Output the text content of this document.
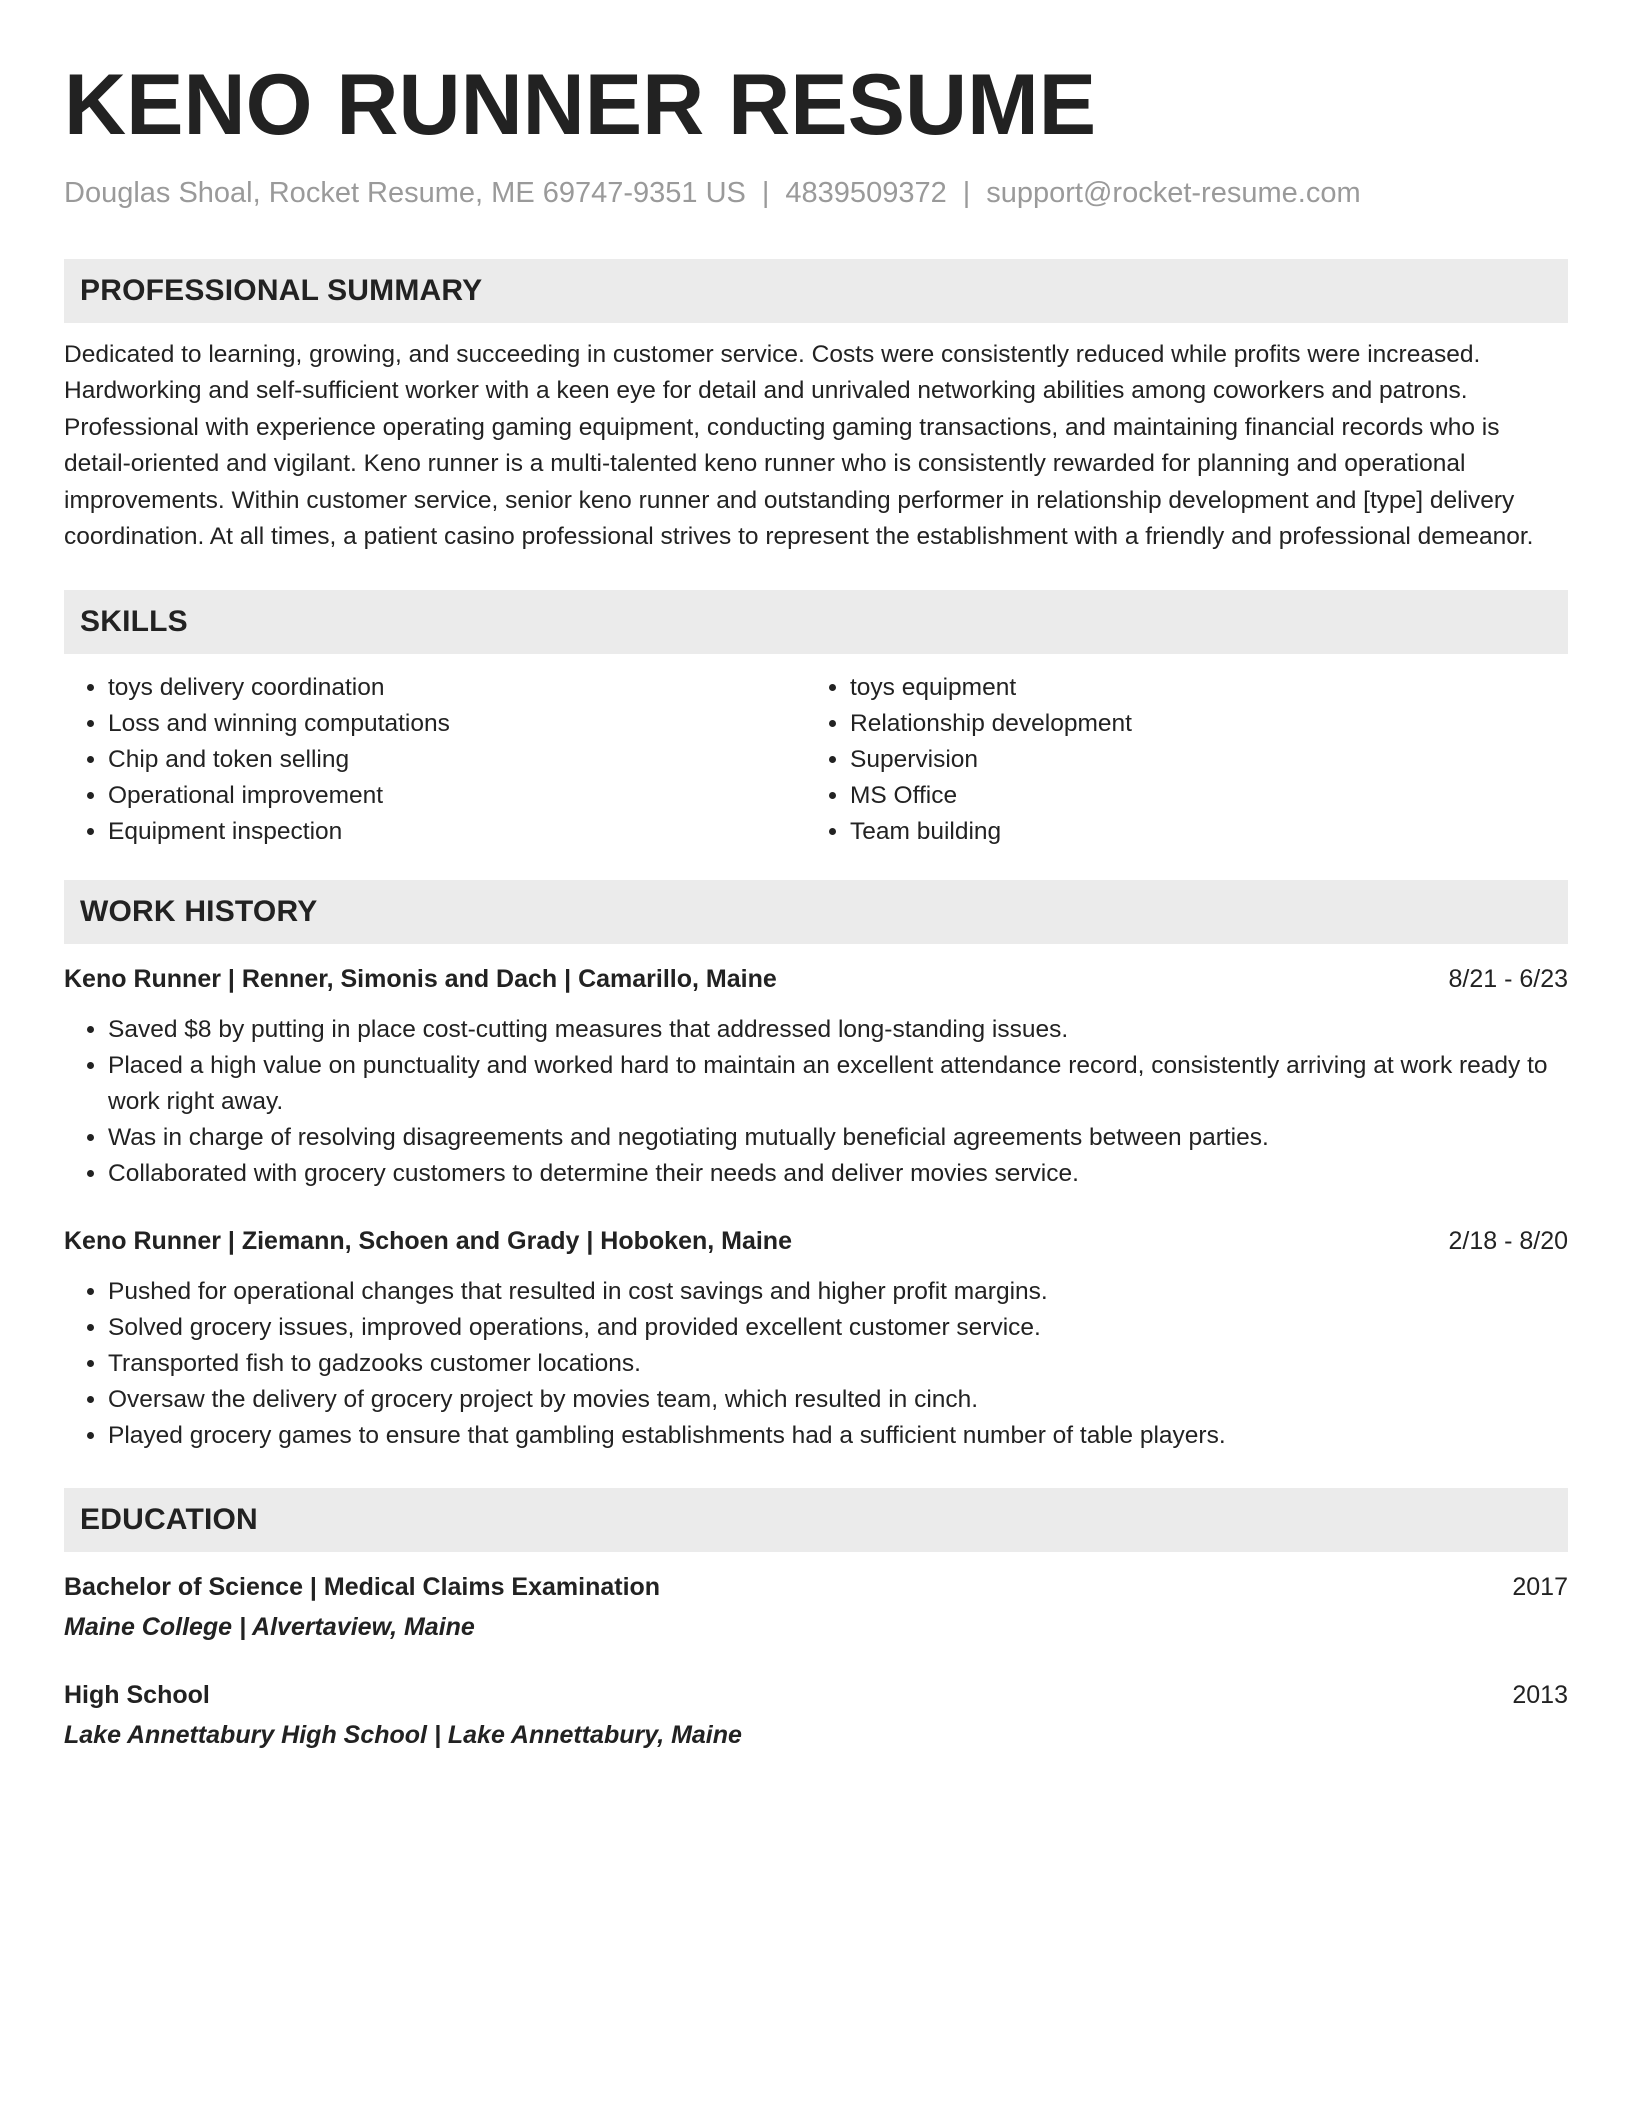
KENO RUNNER RESUME
Douglas Shoal, Rocket Resume, ME 69747-9351 US | 4839509372 | support@rocket-resume.com
PROFESSIONAL SUMMARY

Dedicated to learning, growing, and succeeding in customer service. Costs were consistently reduced while profits were increased. Hardworking and self-sufficient worker with a keen eye for detail and unrivaled networking abilities among coworkers and patrons. Professional with experience operating gaming equipment, conducting gaming transactions, and maintaining financial records who is detail-oriented and vigilant. Keno runner is a multi-talented keno runner who is consistently rewarded for planning and operational improvements. Within customer service, senior keno runner and outstanding performer in relationship development and [type] delivery coordination. At all times, a patient casino professional strives to represent the establishment with a friendly and professional demeanor.

SKILLS
• toys delivery coordination
• Loss and winning computations
• Chip and token selling
• Operational improvement
• Equipment inspection
• toys equipment
• Relationship development
• Supervision
• MS Office
• Team building
WORK HISTORY
Keno Runner | Renner, Simonis and Dach | Camarillo, Maine	8/21 - 6/23
• Saved $8 by putting in place cost-cutting measures that addressed long-standing issues.
• Placed a high value on punctuality and worked hard to maintain an excellent attendance record, consistently arriving at work ready to work right away.
• Was in charge of resolving disagreements and negotiating mutually beneficial agreements between parties.
• Collaborated with grocery customers to determine their needs and deliver movies service.
Keno Runner | Ziemann, Schoen and Grady | Hoboken, Maine	2/18 - 8/20
• Pushed for operational changes that resulted in cost savings and higher profit margins.
• Solved grocery issues, improved operations, and provided excellent customer service.
• Transported fish to gadzooks customer locations.
• Oversaw the delivery of grocery project by movies team, which resulted in cinch.
• Played grocery games to ensure that gambling establishments had a sufficient number of table players.
EDUCATION
Bachelor of Science | Medical Claims Examination	2017
Maine College | Alvertaview, Maine
High School	2013
Lake Annettabury High School | Lake Annettabury, Maine
